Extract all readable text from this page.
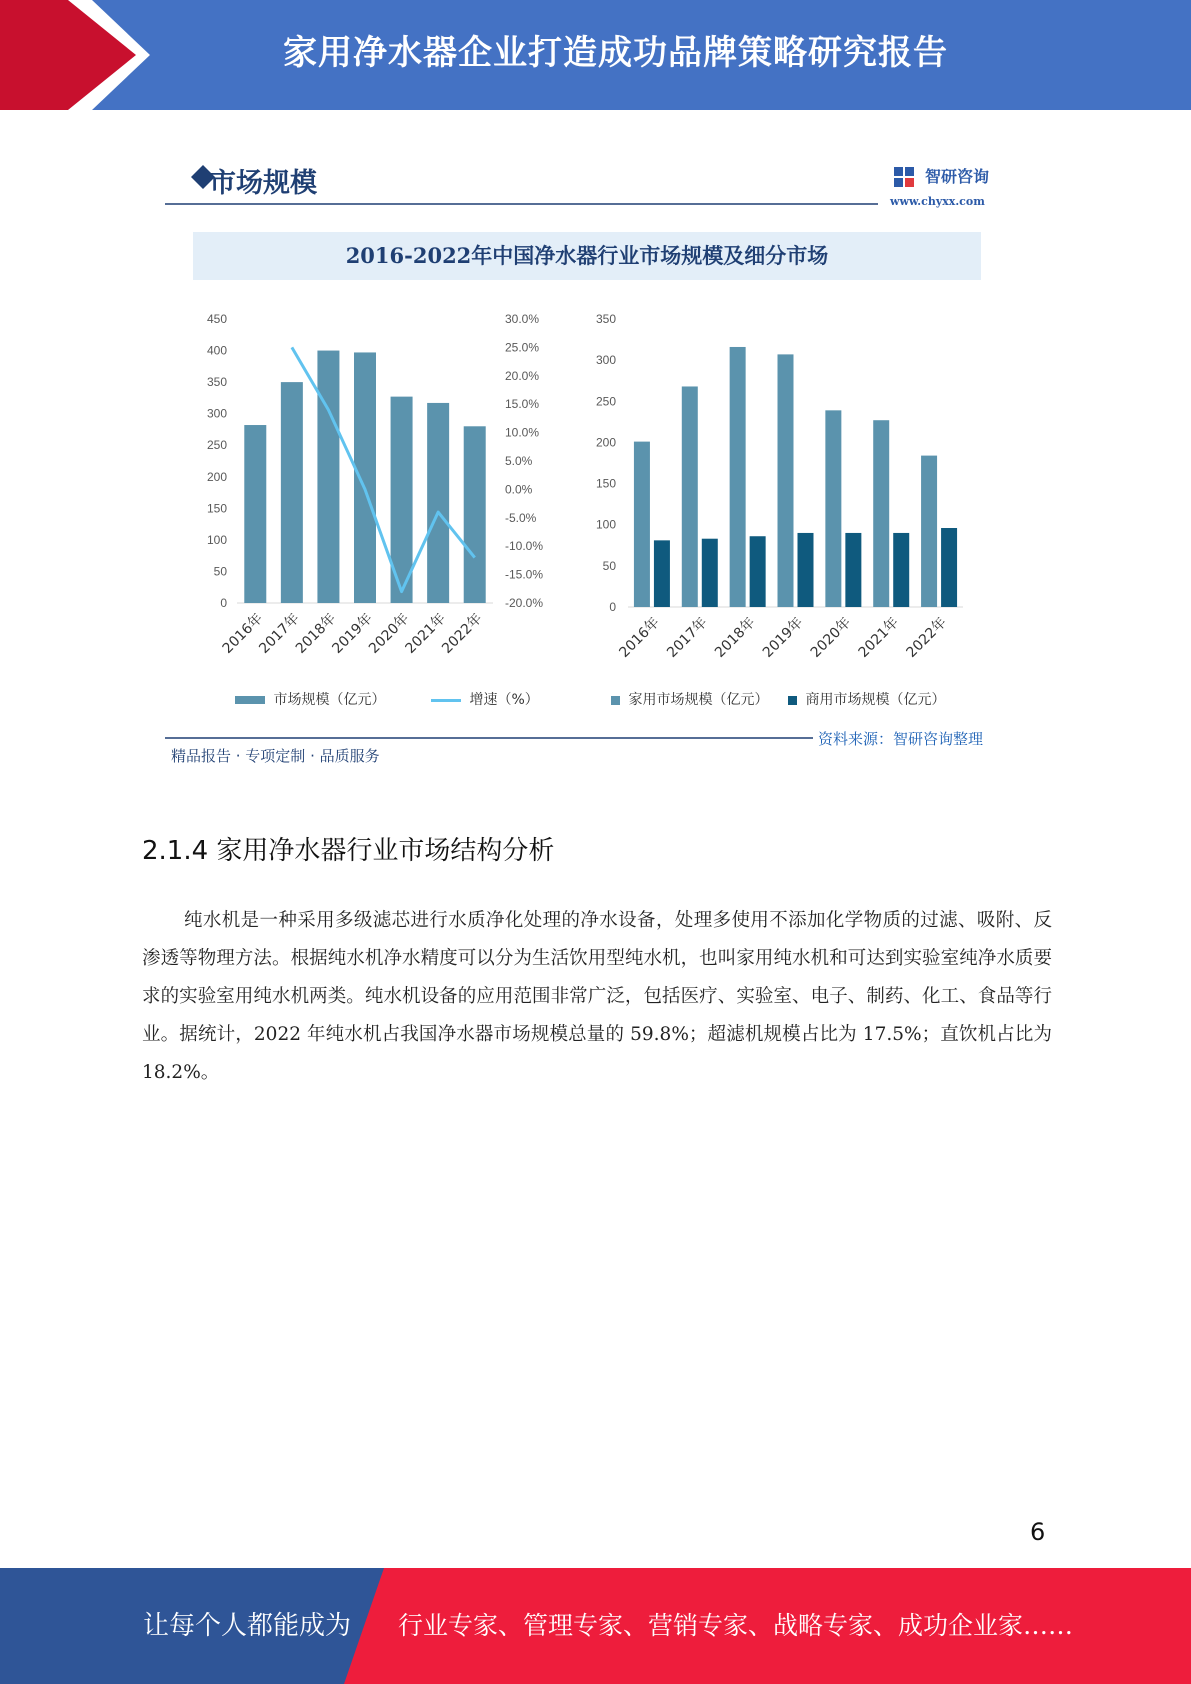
家用净水器企业打造成功品牌策略研究报告
0
50
100
150
200
250
300
350
400
450
-20.0%
-15.0%
-10.0%
-5.0%
0.0%
5.0%
10.0%
15.0%
20.0%
25.0%
30.0%
2016年
2017年
2018年
2019年
2020年
2021年
2022年
0
50
100
150
200
250
300
350
2016年 2017年 2018年 2019年 2020年 2021年 2022年
市场规模	智研咨询
www.chyxx.com
2016-2022年中国净水器行业市场规模及细分市场
市场规模（亿元）	增速（%）	家用市场规模（亿元）	商用市场规模（亿元）
精品报告 · 专项定制 · 品质服务
资料来源：智研咨询整理
2.1.4 家用净水器行业市场结构分析
纯水机是一种采用多级滤芯进行水质净化处理的净水设备，处理多使用不添加化学物质的过滤、吸附、反渗透等物理方法。根据纯水机净水精度可以分为生活饮用型纯水机，也叫家用纯水机和可达到实验室纯净水质要求的实验室用纯水机两类。纯水机设备的应用范围非常广泛，包括医疗、实验室、电子、制药、化工、食品等行业。据统计，2022 年纯水机占我国净水器市场规模总量的 59.8%；超滤机规模占比为 17.5%；直饮机占比为 18.2%。
6
让每个人都能成为 行业专家、管理专家、营销专家、战略专家、成功企业家……
